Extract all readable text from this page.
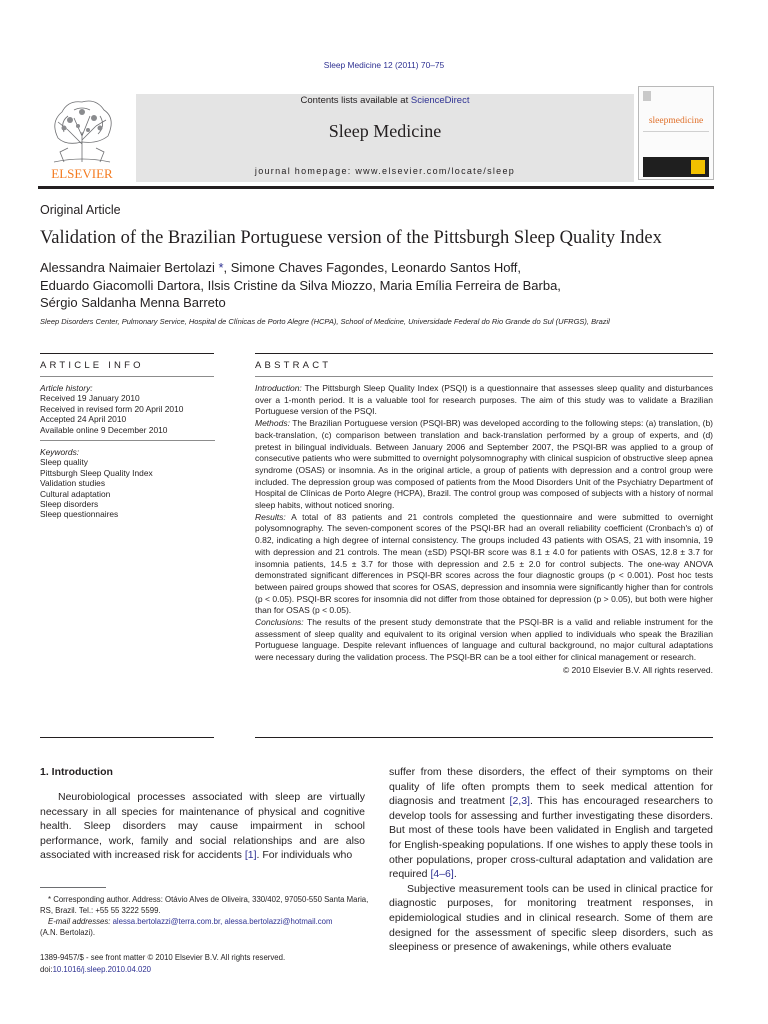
Sleep Medicine 12 (2011) 70–75
Contents lists available at ScienceDirect
Sleep Medicine
journal homepage: www.elsevier.com/locate/sleep
ELSEVIER
sleepmedicine
Original Article
Validation of the Brazilian Portuguese version of the Pittsburgh Sleep Quality Index
Alessandra Naimaier Bertolazi *, Simone Chaves Fagondes, Leonardo Santos Hoff,
Eduardo Giacomolli Dartora, Ilsis Cristine da Silva Miozzo, Maria Emília Ferreira de Barba,
Sérgio Saldanha Menna Barreto
Sleep Disorders Center, Pulmonary Service, Hospital de Clínicas de Porto Alegre (HCPA), School of Medicine, Universidade Federal do Rio Grande do Sul (UFRGS), Brazil
ARTICLE INFO	ABSTRACT
Article history:
Received 19 January 2010
Received in revised form 20 April 2010
Accepted 24 April 2010
Available online 9 December 2010
Keywords:
Sleep quality
Pittsburgh Sleep Quality Index
Validation studies
Cultural adaptation
Sleep disorders
Sleep questionnaires

Introduction: The Pittsburgh Sleep Quality Index (PSQI) is a questionnaire that assesses sleep quality and disturbances over a 1-month period. It is a valuable tool for research purposes. The aim of this study was to validate a Brazilian Portuguese version of the PSQI.

Methods: The Brazilian Portuguese version (PSQI-BR) was developed according to the following steps: (a) translation, (b) back-translation, (c) comparison between translation and back-translation performed by a group of experts, and (d) pretest in bilingual individuals. Between January 2006 and September 2007, the PSQI-BR was applied to a group of consecutive patients who were submitted to overnight polysomnography with clinical suspicion of obstructive sleep apnea syndrome (OSAS) or insomnia. As in the original article, a group of patients with depression and a control group were included. The depression group was composed of patients from the Mood Disorders Unit of the Psychiatry Department of Hospital de Clínicas de Porto Alegre (HCPA), Brazil. The control group was composed of subjects with a history of normal sleep habits, without noticed snoring.

Results: A total of 83 patients and 21 controls completed the questionnaire and were submitted to overnight polysomnography. The seven-component scores of the PSQI-BR had an overall reliability coefficient (Cronbach's α) of 0.82, indicating a high degree of internal consistency. The groups included 43 patients with OSAS, 21 with insomnia, 19 with depression and 21 controls. The mean (±SD) PSQI-BR score was 8.1 ± 4.0 for patients with OSAS, 12.8 ± 3.7 for insomnia patients, 14.5 ± 3.7 for those with depression and 2.5 ± 2.0 for control subjects. The one-way ANOVA demonstrated significant differences in PSQI-BR scores across the four diagnostic groups (p < 0.001). Post hoc tests between paired groups showed that scores for OSAS, depression and insomnia were significantly higher than for controls (p < 0.05). PSQI-BR scores for insomnia did not differ from those obtained for depression (p > 0.05), but both were higher than for OSAS (p < 0.05).

Conclusions: The results of the present study demonstrate that the PSQI-BR is a valid and reliable instrument for the assessment of sleep quality and equivalent to its original version when applied to individuals who speak the Brazilian Portuguese language. Despite relevant influences of language and cultural background, no major cultural adaptations were necessary during the validation process. The PSQI-BR can be a tool either for clinical management or research.

© 2010 Elsevier B.V. All rights reserved.
1. Introduction

Neurobiological processes associated with sleep are virtually necessary in all species for maintenance of physical and cognitive health. Sleep disorders may cause impairment in school performance, work, family and social relationships and are also associated with increased risk for accidents [1]. For individuals who

suffer from these disorders, the effect of their symptoms on their quality of life often prompts them to seek medical attention for diagnosis and treatment [2,3]. This has encouraged researchers to develop tools for assessing and further investigating these disorders. But most of these tools have been validated in English and targeted for English-speaking populations. If one wishes to apply these tools in other populations, proper cross-cultural adaptation and validation are required [4–6].

Subjective measurement tools can be used in clinical practice for diagnostic purposes, for monitoring treatment responses, in epidemiological studies and in clinical research. Some of them are designed for the assessment of specific sleep disorders, such as sleepiness or presence of awakenings, while others evaluate

* Corresponding author. Address: Otávio Alves de Oliveira, 330/402, 97050-550 Santa Maria, RS, Brazil. Tel.: +55 55 3222 5599.
E-mail addresses: alessa.bertolazzi@terra.com.br, alessa.bertolazzi@hotmail.com
(A.N. Bertolazi).
1389-9457/$ - see front matter © 2010 Elsevier B.V. All rights reserved.
doi:10.1016/j.sleep.2010.04.020
